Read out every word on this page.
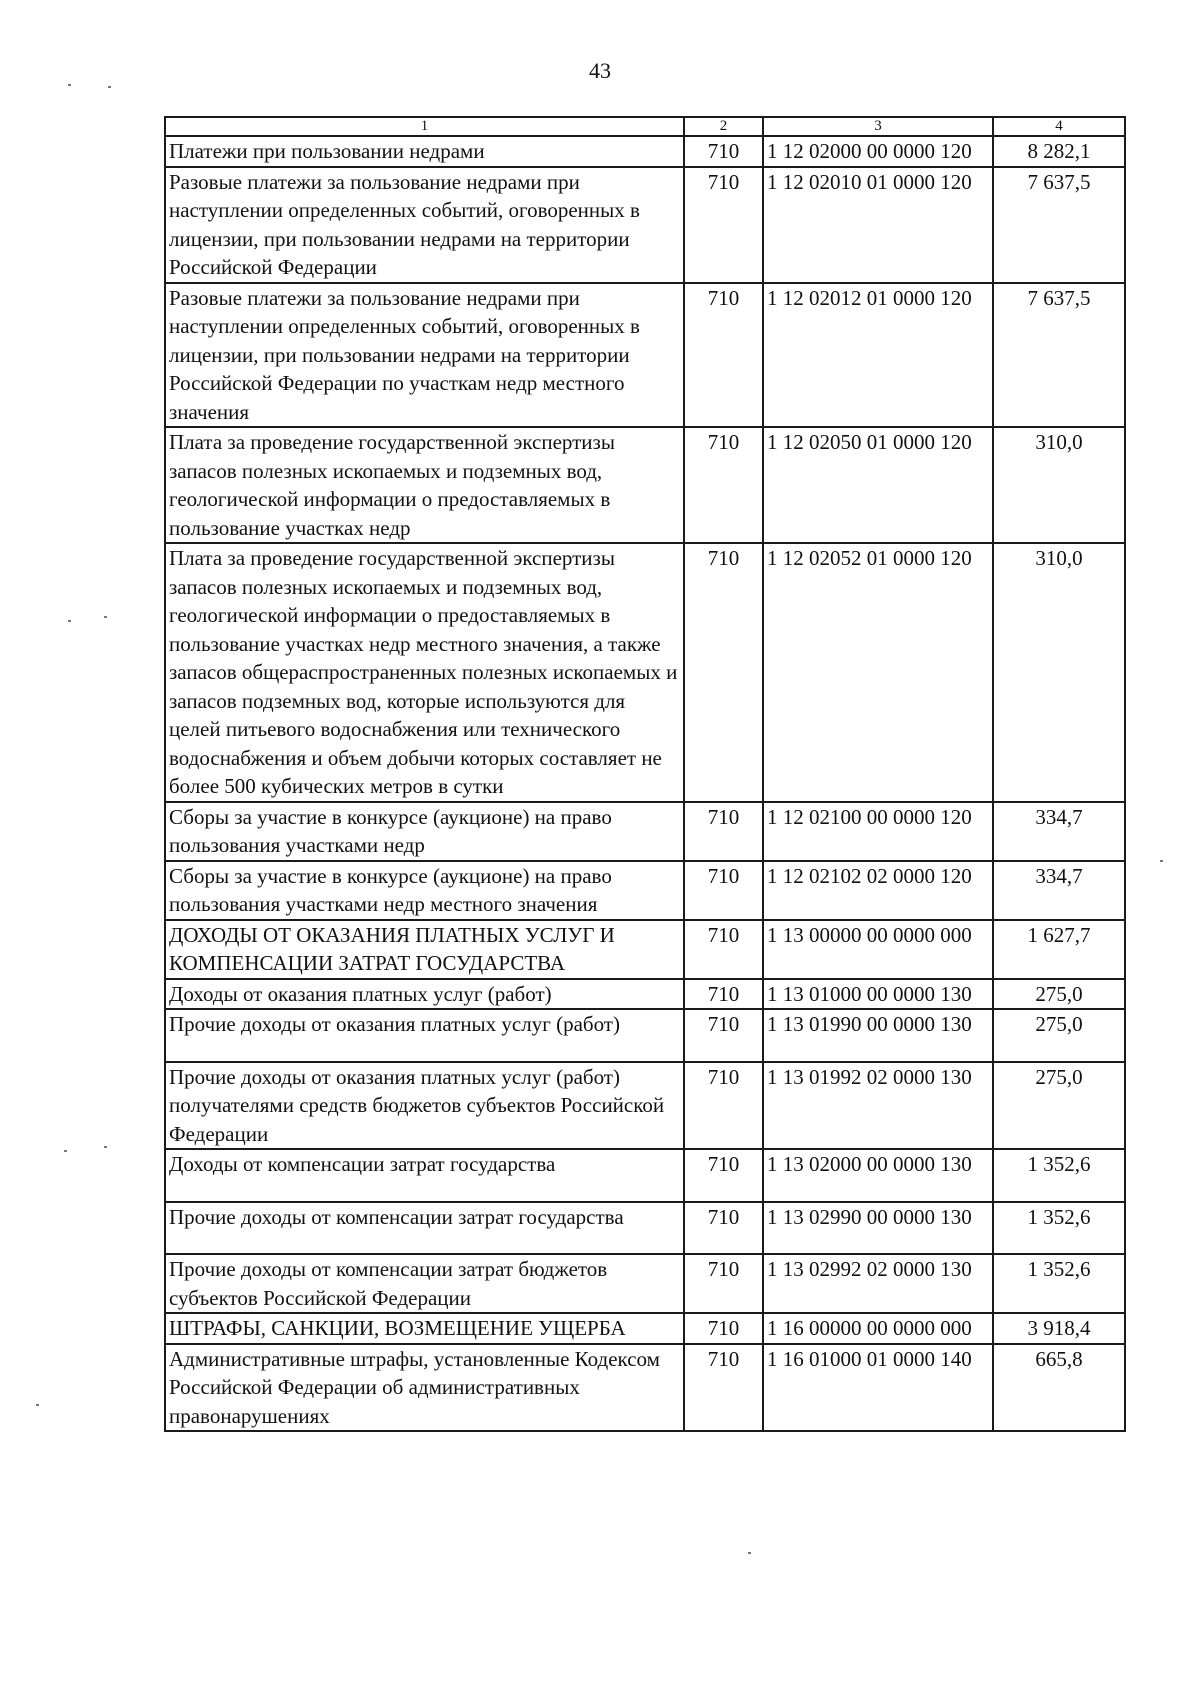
43
1	2	3	4
Платежи при пользовании недрами	710	1 12 02000 00 0000 120	8 282,1
Разовые платежи за пользование недрами при наступлении определенных событий, оговоренных в лицензии, при пользовании недрами на территории Российской Федерации	710	1 12 02010 01 0000 120	7 637,5
Разовые платежи за пользование недрами при наступлении определенных событий, оговоренных в лицензии, при пользовании недрами на территории Российской Федерации по участкам недр местного значения	710	1 12 02012 01 0000 120	7 637,5
Плата за проведение государственной экспертизы запасов полезных ископаемых и подземных вод, геологической информации о предоставляемых в пользование участках недр	710	1 12 02050 01 0000 120	310,0
Плата за проведение государственной экспертизы запасов полезных ископаемых и подземных вод, геологической информации о предоставляемых в пользование участках недр местного значения, а также запасов общераспространенных полезных ископаемых и запасов подземных вод, которые используются для целей питьевого водоснабжения или технического водоснабжения и объем добычи которых составляет не более 500 кубических метров в сутки	710	1 12 02052 01 0000 120	310,0
Сборы за участие в конкурсе (аукционе) на право пользования участками недр	710	1 12 02100 00 0000 120	334,7
Сборы за участие в конкурсе (аукционе) на право пользования участками недр местного значения	710	1 12 02102 02 0000 120	334,7
ДОХОДЫ ОТ ОКАЗАНИЯ ПЛАТНЫХ УСЛУГ И КОМПЕНСАЦИИ ЗАТРАТ ГОСУДАРСТВА	710	1 13 00000 00 0000 000	1 627,7
Доходы от оказания платных услуг (работ)	710	1 13 01000 00 0000 130	275,0
Прочие доходы от оказания платных услуг (работ)	710	1 13 01990 00 0000 130	275,0
Прочие доходы от оказания платных услуг (работ) получателями средств бюджетов субъектов Российской Федерации	710	1 13 01992 02 0000 130	275,0
Доходы от компенсации затрат государства	710	1 13 02000 00 0000 130	1 352,6
Прочие доходы от компенсации затрат государства	710	1 13 02990 00 0000 130	1 352,6
Прочие доходы от компенсации затрат бюджетов субъектов Российской Федерации	710	1 13 02992 02 0000 130	1 352,6
ШТРАФЫ, САНКЦИИ, ВОЗМЕЩЕНИЕ УЩЕРБА	710	1 16 00000 00 0000 000	3 918,4
Административные штрафы, установленные Кодексом Российской Федерации об административных правонарушениях	710	1 16 01000 01 0000 140	665,8
